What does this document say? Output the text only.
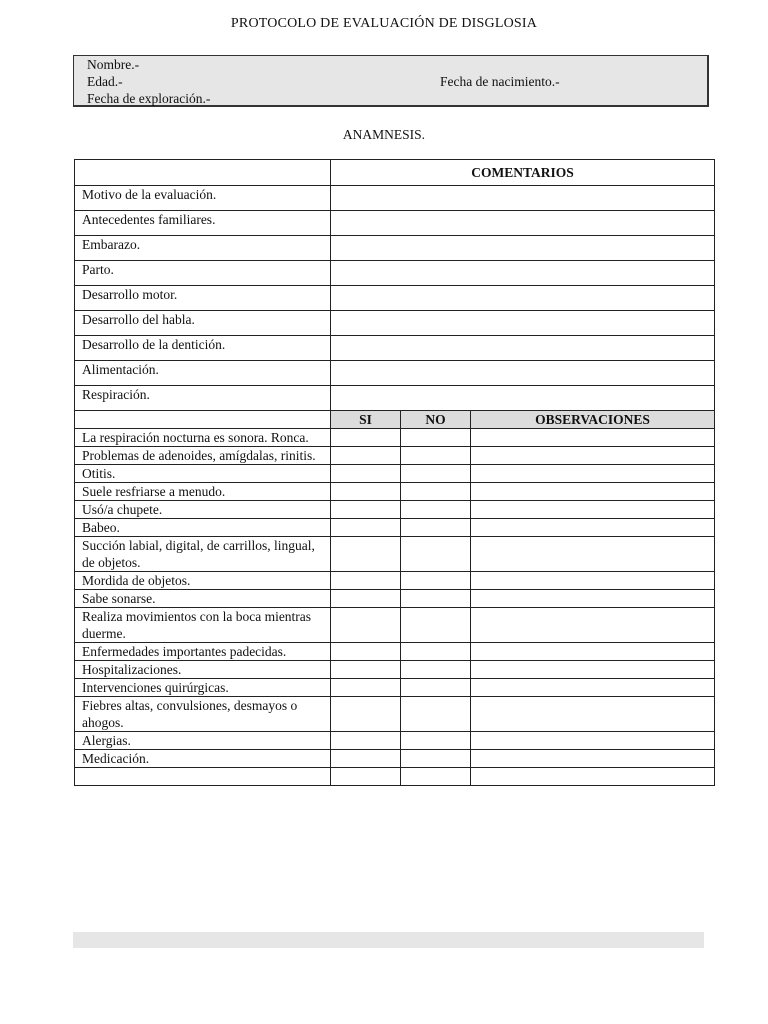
PROTOCOLO DE EVALUACIÓN DE DISGLOSIA
Nombre.-
Edad.-	Fecha de nacimiento.-
Fecha de exploración.-
ANAMNESIS.
	COMENTARIOS		
Motivo de la evaluación.			
Antecedentes familiares.			
Embarazo.			
Parto.			
Desarrollo motor.			
Desarrollo del habla.			
Desarrollo de la dentición.			
Alimentación.			
Respiración.			
	SI	NO	OBSERVACIONES
La respiración nocturna es sonora. Ronca.			
Problemas de adenoides, amígdalas, rinitis.			
Otitis.			
Suele resfriarse a menudo.			
Usó/a chupete.			
Babeo.			
Succión labial, digital, de carrillos, lingual, de objetos.			
Mordida de objetos.			
Sabe sonarse.			
Realiza movimientos con la boca mientras duerme.			
Enfermedades importantes padecidas.			
Hospitalizaciones.			
Intervenciones quirúrgicas.			
Fiebres altas, convulsiones, desmayos o ahogos.			
Alergias.			
Medicación.			
